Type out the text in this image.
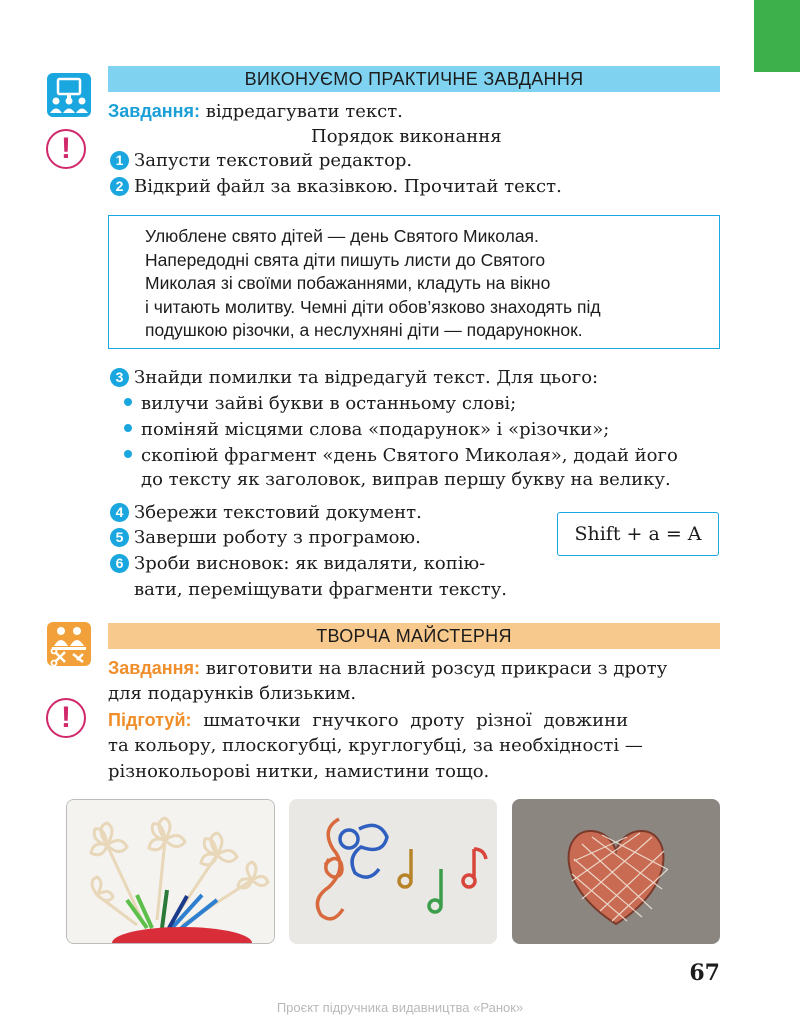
ВИКОНУЄМО ПРАКТИЧНЕ ЗАВДАННЯ
Завдання: відредагувати текст.
!	Порядок виконання
1 Запусти текстовий редактор.
2 Відкрий файл за вказівкою. Прочитай текст.
Улюблене свято дітей — день Святого Миколая.
Напередодні свята діти пишуть листи до Святого
Миколая зі своїми побажаннями, кладуть на вікно
і читають молитву. Чемні діти обов’язково знаходять під
подушкою різочки, а неслухняні діти — подарунокнок.
3 Знайди помилки та відредагуй текст. Для цього:
вилучи зайві букви в останньому слові;
поміняй місцями слова «подарунок» і «різочки»;
скопіюй фрагмент «день Святого Миколая», додай його
до тексту як заголовок, виправ першу букву на велику.
4 Збережи текстовий документ.
5 Заверши роботу з програмою.
6 Зроби висновок: як видаляти, копію-
вати, переміщувати фрагменти тексту.
Shift + a = A
ТВОРЧА МАЙСТЕРНЯ
Завдання: виготовити на власний розсуд прикраси з дроту
для подарунків близьким.
!	Підготуй: шматочки гнучкого дроту різної довжини
та кольору, плоскогубці, круглогубці, за необхідності —
різнокольорові нитки, намистини тощо.
67
Проєкт підручника видавництва «Ранок»
